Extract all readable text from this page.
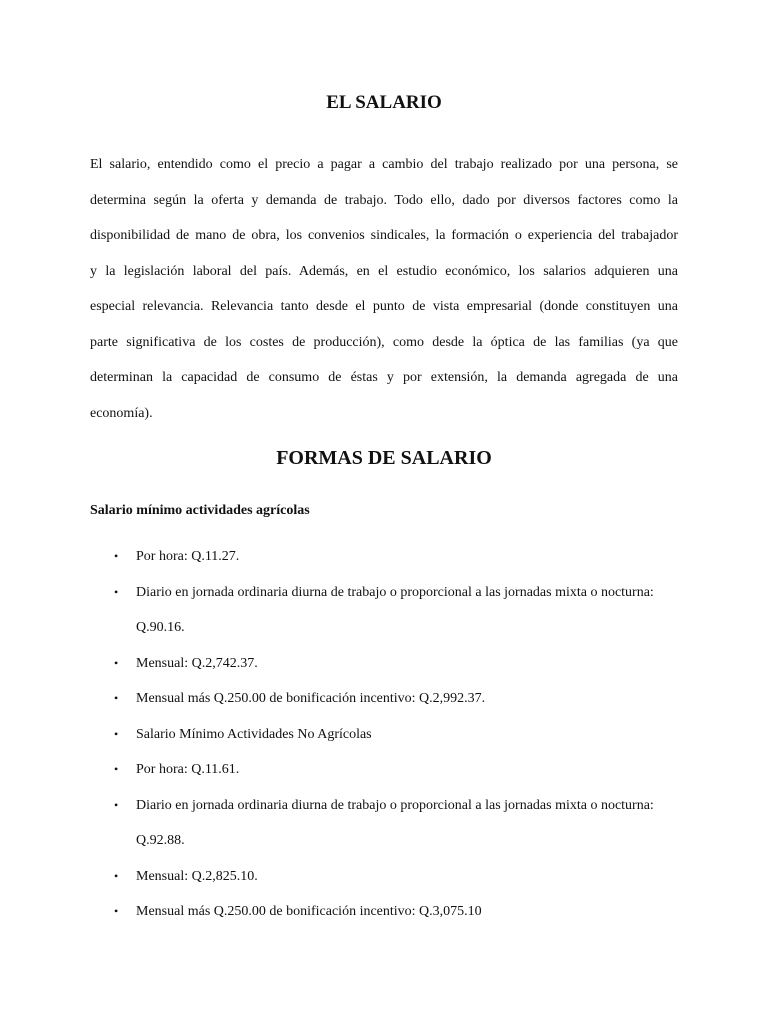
EL SALARIO

El salario, entendido como el precio a pagar a cambio del trabajo realizado por una persona, se
determina según la oferta y demanda de trabajo. Todo ello, dado por diversos factores como la
disponibilidad de mano de obra, los convenios sindicales, la formación o experiencia del trabajador
y la legislación laboral del país. Además, en el estudio económico, los salarios adquieren una
especial relevancia. Relevancia tanto desde el punto de vista empresarial (donde constituyen una
parte significativa de los costes de producción), como desde la óptica de las familias (ya que
determinan la capacidad de consumo de éstas y por extensión, la demanda agregada de una
economía).

FORMAS DE SALARIO

Salario mínimo actividades agrícolas

• Por hora: Q.11.27.
• Diario en jornada ordinaria diurna de trabajo o proporcional a las jornadas mixta o nocturna: Q.90.16.
• Mensual: Q.2,742.37.
• Mensual más Q.250.00 de bonificación incentivo: Q.2,992.37.
• Salario Mínimo Actividades No Agrícolas
• Por hora: Q.11.61.
• Diario en jornada ordinaria diurna de trabajo o proporcional a las jornadas mixta o nocturna: Q.92.88.
• Mensual: Q.2,825.10.
• Mensual más Q.250.00 de bonificación incentivo: Q.3,075.10
